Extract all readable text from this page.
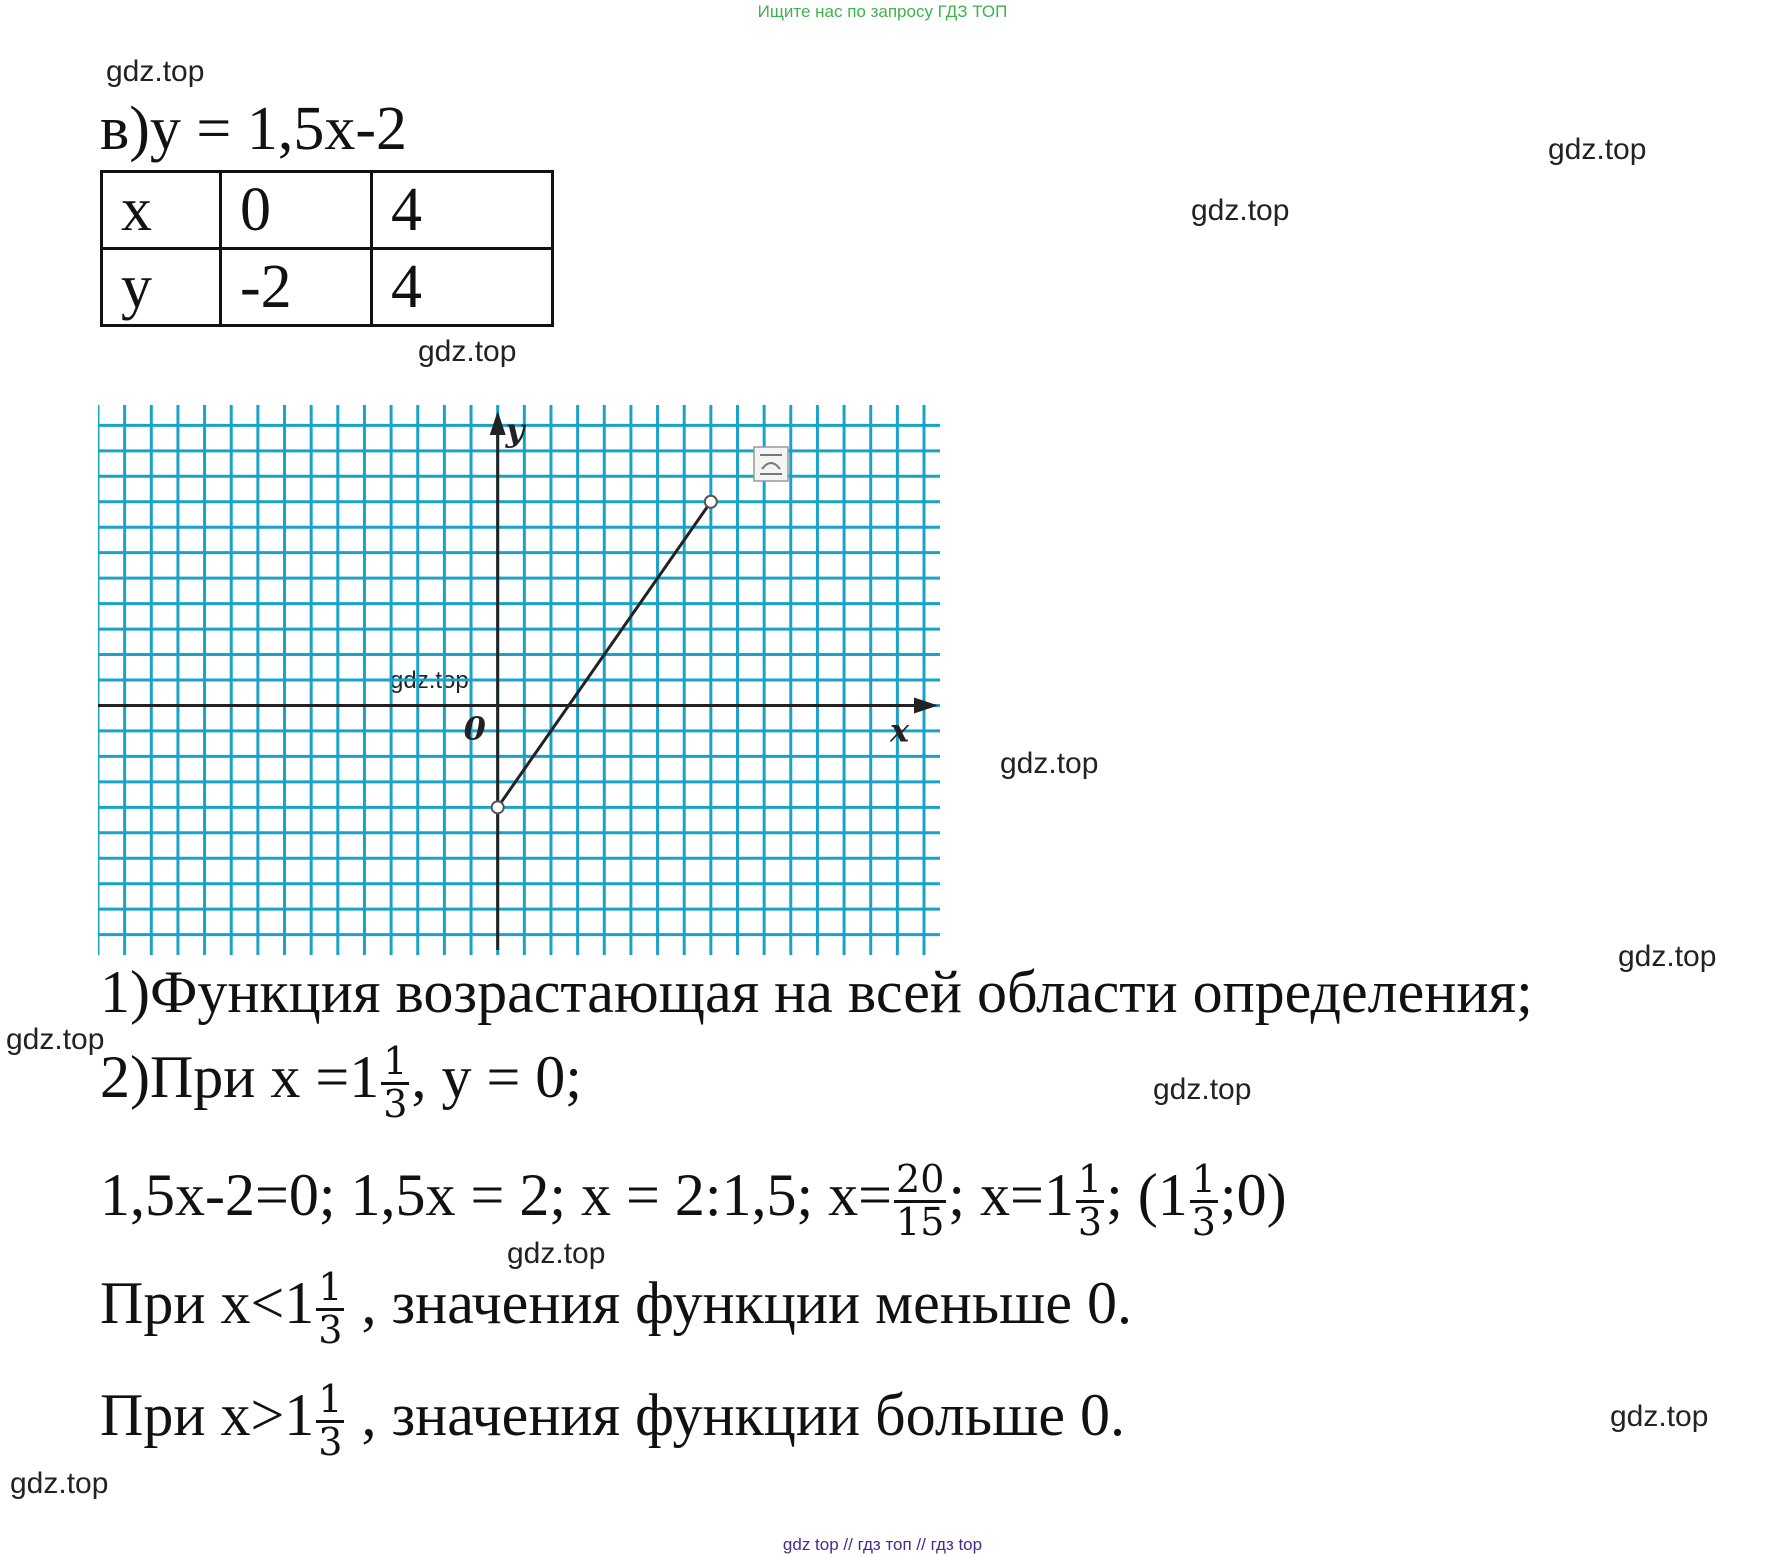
Ищите нас по запросу ГДЗ ТОП
gdz.top
gdz.top
gdz.top
gdz.top
gdz.top
gdz.top
gdz.top
gdz.top
gdz.top
gdz.top
gdz.top
gdz.top
в)у = 1,5х-2
х	0	4
у	-2	4
y
x
0
1)Функция возрастающая на всей области определения;
2)При $х =1 \frac{1}{3}$ , у = 0;
1,5х-2=0; 1,5х = 2; х = 2:1,5; $х= \frac{20}{15}$ ; $х=1 \frac{1}{3}$ ; ($1 \frac{1}{3}$ ;0)
При $х<1 \frac{1}{3}$ , значения функции меньше 0.
При $х>1 \frac{1}{3}$ , значения функции больше 0.
gdz top // гдз топ // гдз top
